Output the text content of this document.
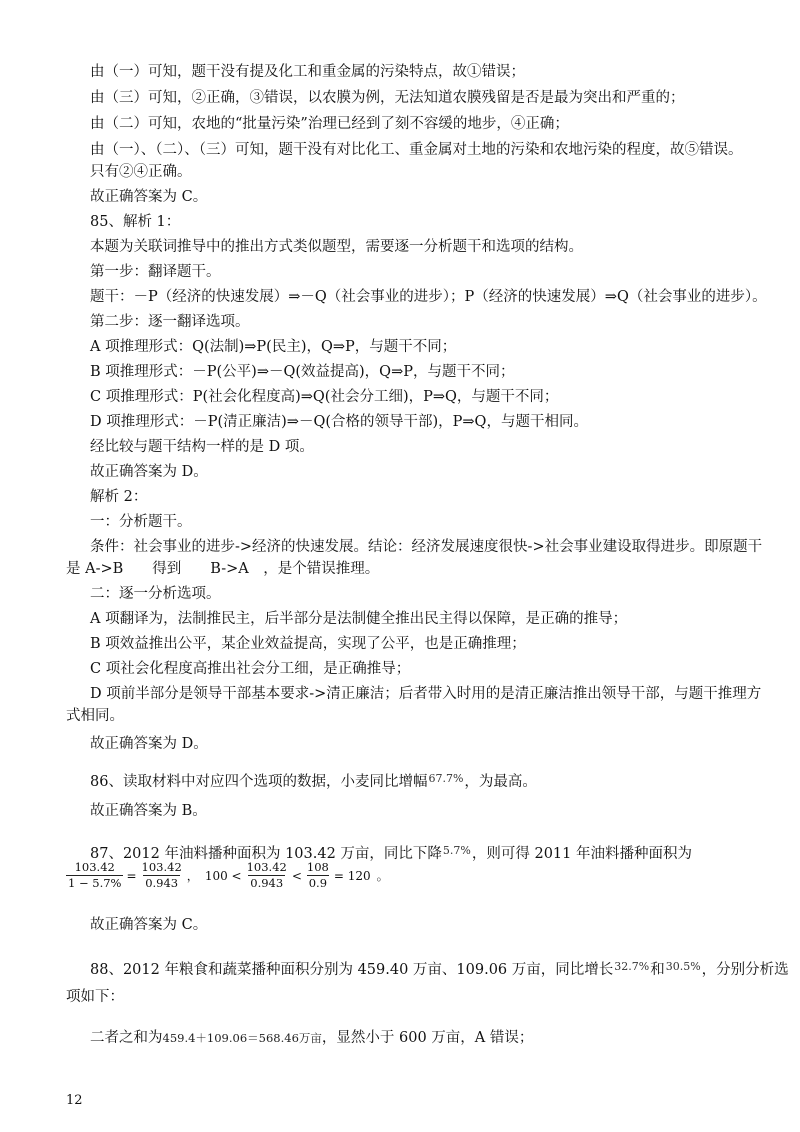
由（一）可知，题干没有提及化工和重金属的污染特点，故①错误；
由（三）可知，②正确，③错误，以农膜为例，无法知道农膜残留是否是最为突出和严重的；
由（二）可知，农地的“批量污染”治理已经到了刻不容缓的地步，④正确；
由（一）、（二）、（三）可知，题干没有对比化工、重金属对土地的污染和农地污染的程度，故⑤错误。
只有②④正确。
故正确答案为 C。
85、解析 1：
本题为关联词推导中的推出方式类似题型，需要逐一分析题干和选项的结构。
第一步：翻译题干。
题干：－P（经济的快速发展）⇒－Q（社会事业的进步）；P（经济的快速发展）⇒Q（社会事业的进步）。
第二步：逐一翻译选项。
A 项推理形式：Q(法制)⇒P(民主)，Q⇒P，与题干不同；
B 项推理形式：－P(公平)⇒－Q(效益提高)，Q⇒P，与题干不同；
C 项推理形式：P(社会化程度高)⇒Q(社会分工细)，P⇒Q，与题干不同；
D 项推理形式：－P(清正廉洁)⇒－Q(合格的领导干部)，P⇒Q，与题干相同。
经比较与题干结构一样的是 D 项。
故正确答案为 D。
解析 2：
一：分析题干。
条件：社会事业的进步->经济的快速发展。结论：经济发展速度很快->社会事业建设取得进步。即原题干
是 A->B　　得到　　B->A　，是个错误推理。
二：逐一分析选项。
A 项翻译为，法制推民主，后半部分是法制健全推出民主得以保障，是正确的推导；
B 项效益推出公平，某企业效益提高，实现了公平，也是正确推理；
C 项社会化程度高推出社会分工细，是正确推导；
D 项前半部分是领导干部基本要求->清正廉洁；后者带入时用的是清正廉洁推出领导干部，与题干推理方
式相同。
故正确答案为 D。
86、读取材料中对应四个选项的数据，小麦同比增幅$^{67.7\%}$，为最高。
故正确答案为 B。
87、2012 年油料播种面积为 103.42 万亩，同比下降$^{5.7\%}$，则可得 2011 年油料播种面积为
$\frac{103.42}{1 - 5.7\%} = \frac{103.42}{0.943}$ ， $100 < \frac{103.42}{0.943} < \frac{108}{0.9} = 120$ 。
故正确答案为 C。
88、2012 年粮食和蔬菜播种面积分别为 459.40 万亩、109.06 万亩，同比增长$^{32.7\%}$和$^{30.5\%}$，分别分析选
项如下：
二者之和为459.4＋109.06＝568.46万亩，显然小于 600 万亩，A 错误；
12
